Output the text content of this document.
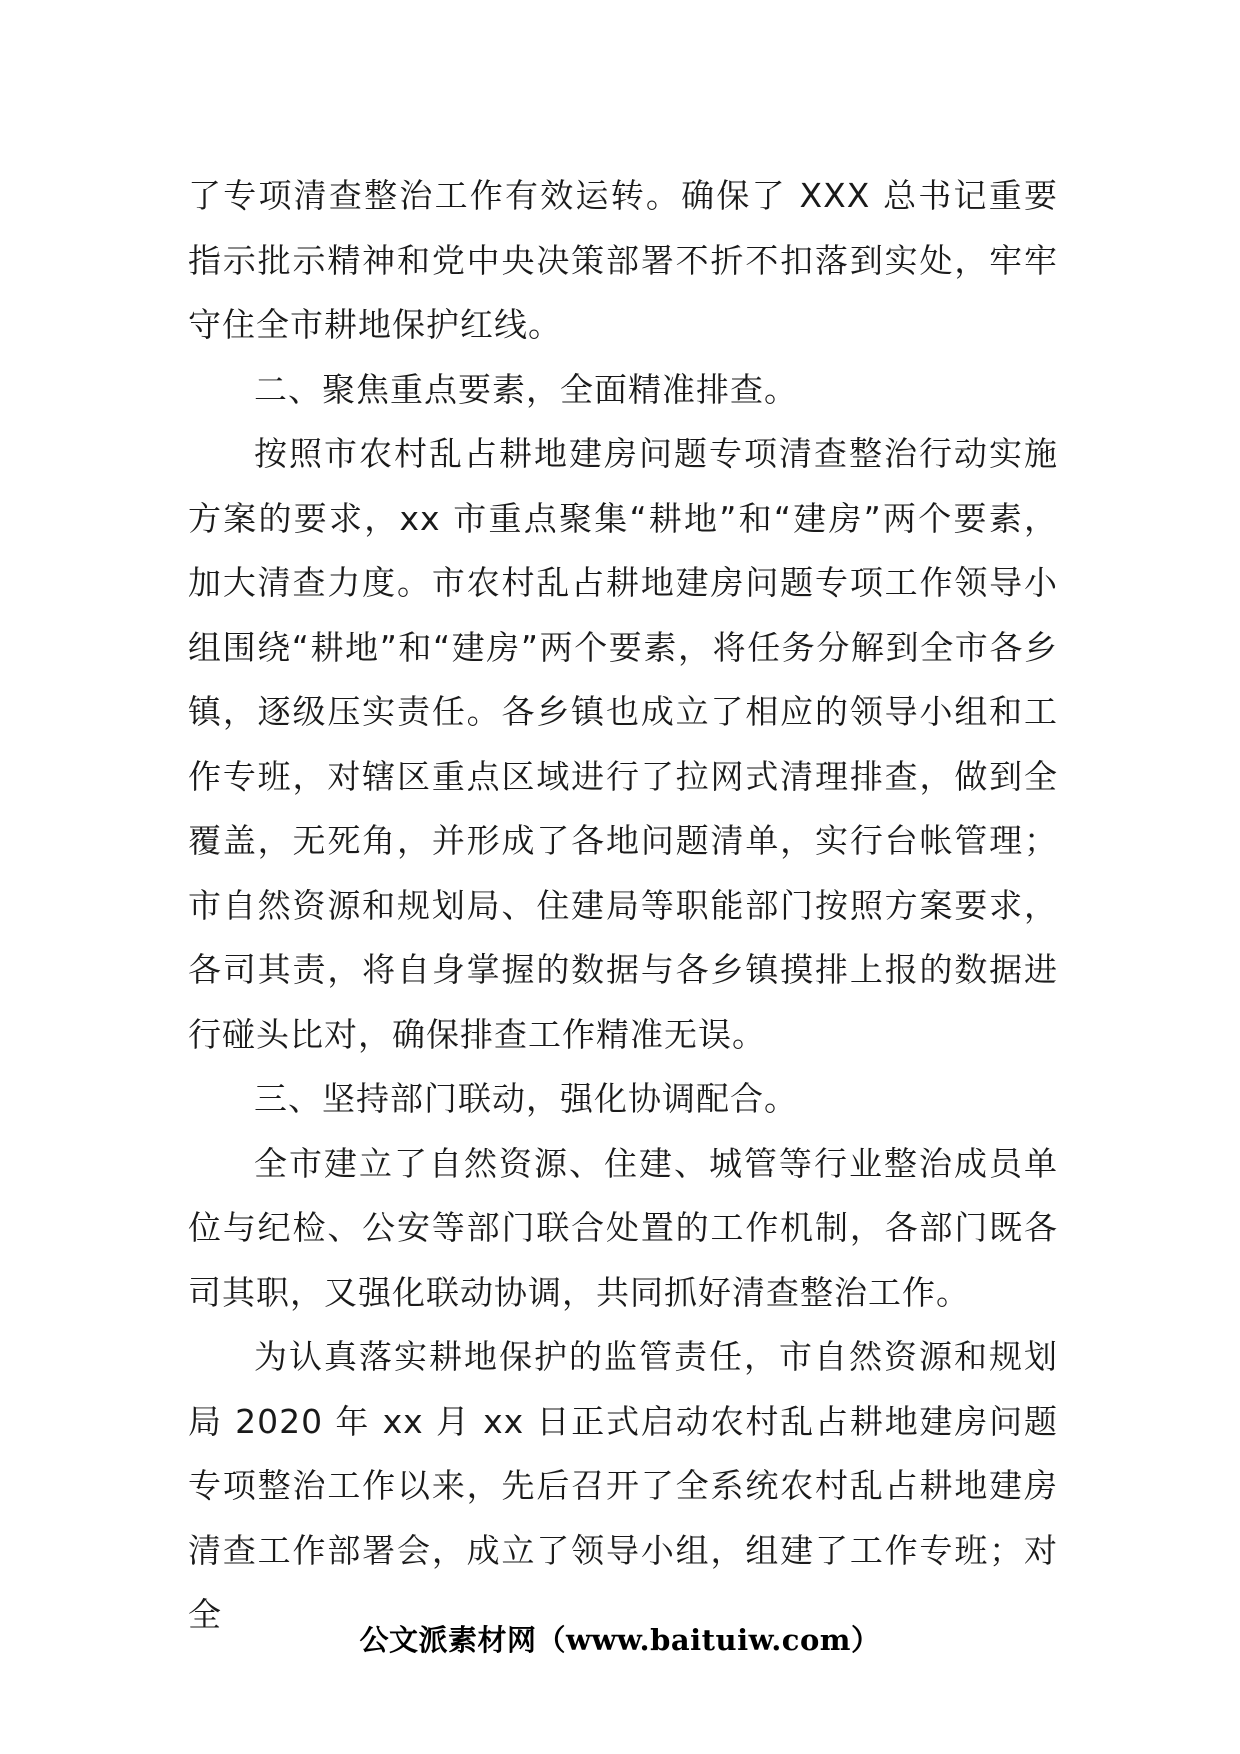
了专项清查整治工作有效运转。确保了 XXX 总书记重要指示批示精神和党中央决策部署不折不扣落到实处，牢牢守住全市耕地保护红线。

二、聚焦重点要素，全面精准排查。

按照市农村乱占耕地建房问题专项清查整治行动实施方案的要求，xx 市重点聚集“耕地”和“建房”两个要素，加大清查力度。市农村乱占耕地建房问题专项工作领导小组围绕“耕地”和“建房”两个要素，将任务分解到全市各乡镇，逐级压实责任。各乡镇也成立了相应的领导小组和工作专班，对辖区重点区域进行了拉网式清理排查，做到全覆盖，无死角，并形成了各地问题清单，实行台帐管理；市自然资源和规划局、住建局等职能部门按照方案要求，各司其责，将自身掌握的数据与各乡镇摸排上报的数据进行碰头比对，确保排查工作精准无误。

三、坚持部门联动，强化协调配合。

全市建立了自然资源、住建、城管等行业整治成员单位与纪检、公安等部门联合处置的工作机制，各部门既各司其职，又强化联动协调，共同抓好清查整治工作。

为认真落实耕地保护的监管责任，市自然资源和规划局 2020 年 xx 月 xx 日正式启动农村乱占耕地建房问题专项整治工作以来，先后召开了全系统农村乱占耕地建房清查工作部署会，成立了领导小组，组建了工作专班；对全

公文派素材网（www.baituiw.com）
